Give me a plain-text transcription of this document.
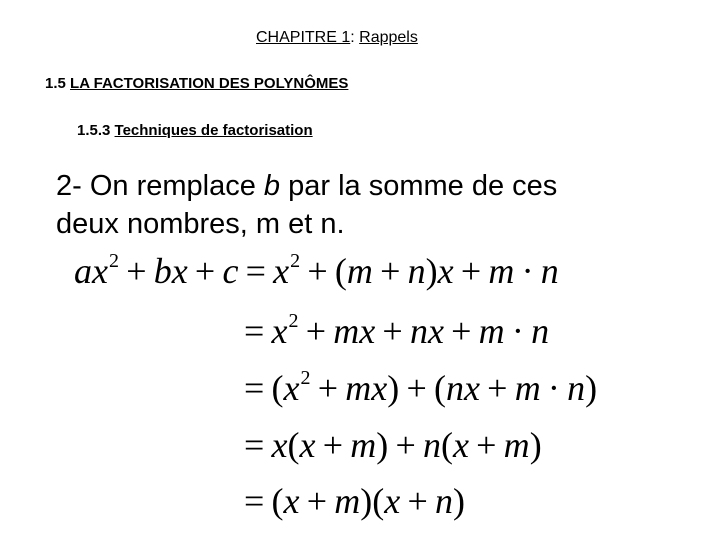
CHAPITRE 1: Rappels
1.5 LA FACTORISATION DES POLYNÔMES
1.5.3 Techniques de factorisation
2- On remplace b par la somme de ces
deux nombres, m et n.
$ax^2$  + bx + $c = x^2 + (m + n)x + m \cdot n$
= $x^2$  + mx + nx + m · n
=  $(x^2 + mx) + (nx + m \cdot n)$
= x(x + m)  + n(x + m)
=  (x + m)(x + n)
